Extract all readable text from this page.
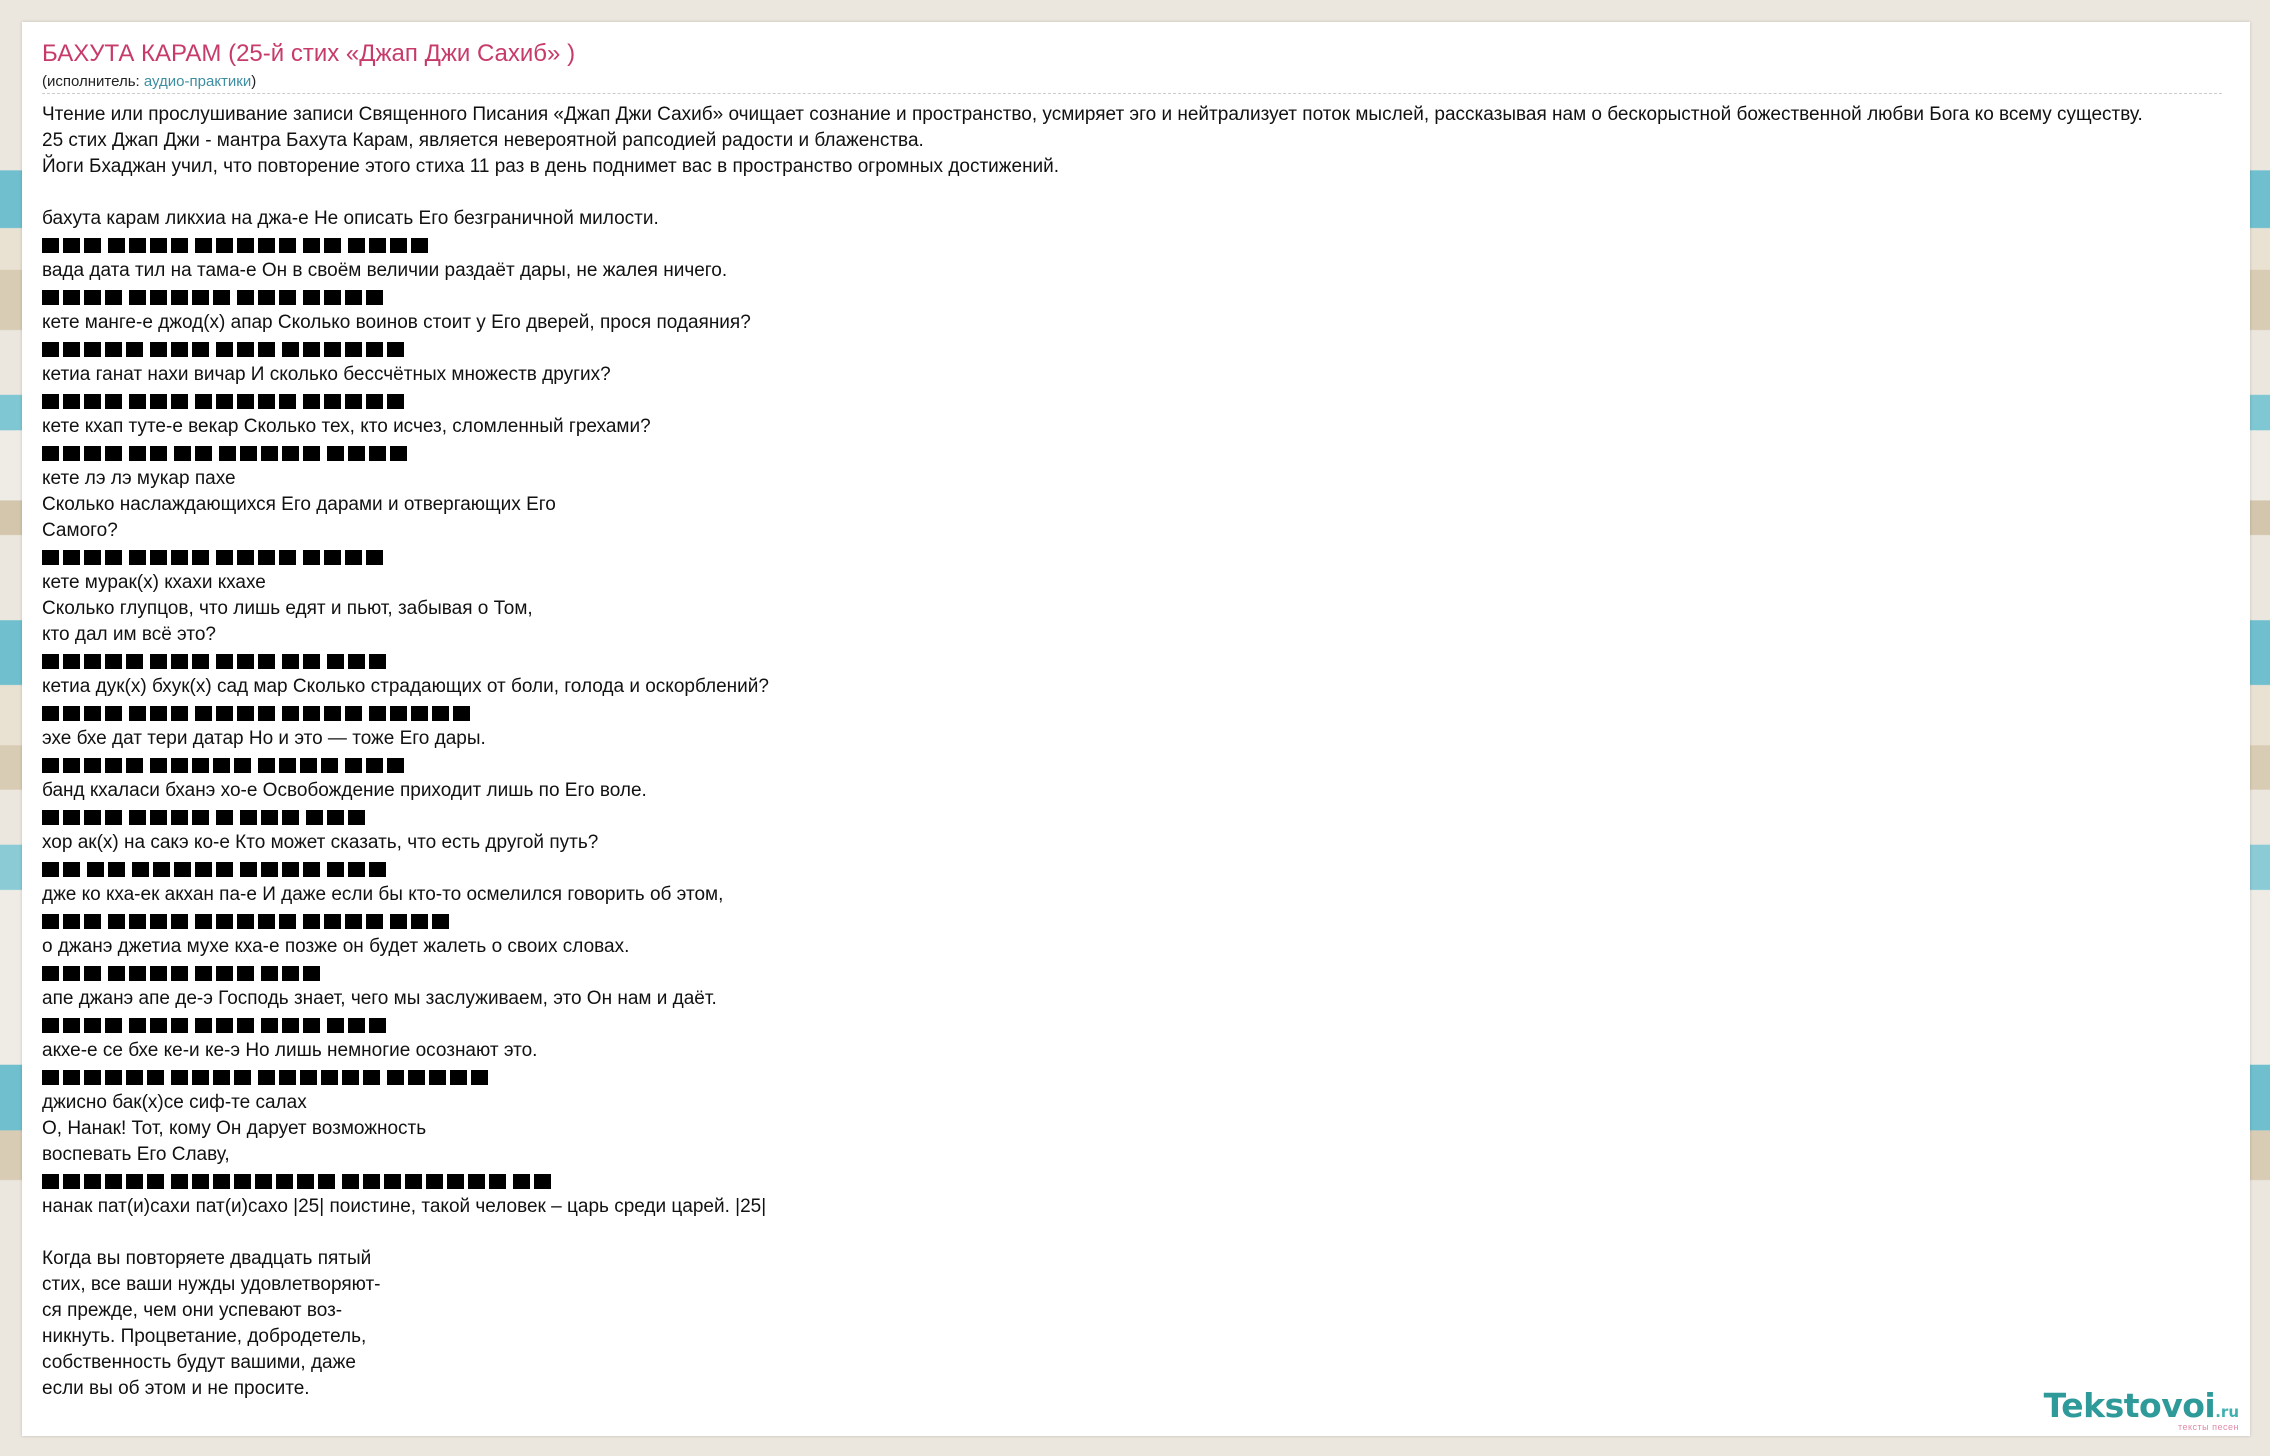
БАХУТА КАРАМ (25-й стих «Джап Джи Сахиб» )
(исполнитель: аудио-практики)
Чтение или прослушивание записи Священного Писания «Джап Джи Сахиб» очищает сознание и пространство, усмиряет эго и нейтрализует поток мыслей, рассказывая нам о бескорыстной божественной любви Бога ко всему существу.
25 стих Джап Джи - мантра Бахута Карам, является невероятной рапсодией радости и блаженства.
Йоги Бхаджан учил, что повторение этого стиха 11 раз в день поднимет вас в пространство огромных достижений.
бахута карам ликхиа на джа-е Не описать Его безграничной милости.
вада дата тил на тама-е Он в своём величии раздаёт дары, не жалея ничего.
кете манге-е джод(х) апар Сколько воинов стоит у Его дверей, прося подаяния?
кетиа ганат нахи вичар И сколько бессчётных множеств других?
кете кхап туте-е векар Сколько тех, кто исчез, сломленный грехами?
кете лэ лэ мукар пахе
Сколько наслаждающихся Его дарами и отвергающих Его
Самого?
кете мурак(х) кхахи кхахе
Сколько глупцов, что лишь едят и пьют, забывая о Том,
кто дал им всё это?
кетиа дук(х) бхук(х) сад мар Сколько страдающих от боли, голода и оскорблений?
эхе бхе дат тери датар Но и это — тоже Его дары.
банд кхаласи бханэ хо-е Освобождение приходит лишь по Его воле.
хор ак(х) на сакэ ко-е Кто может сказать, что есть другой путь?
дже ко кха-ек акхан па-е И даже если бы кто-то осмелился говорить об этом,
о джанэ джетиа мухе кха-е позже он будет жалеть о своих словах.
апе джанэ апе де-э Господь знает, чего мы заслуживаем, это Он нам и даёт.
акхе-е се бхе ке-и ке-э Но лишь немногие осознают это.
джисно бак(х)се сиф-те салах
О, Нанак! Тот, кому Он дарует возможность
воспевать Его Славу,
нанак пат(и)сахи пат(и)сахо |25| поистине, такой человек – царь среди царей. |25|
Когда вы повторяете двадцать пятый
стих, все ваши нужды удовлетворяют-
ся прежде, чем они успевают воз-
никнуть. Процветание, добродетель,
собственность будут вашими, даже
если вы об этом и не просите.	Tekstovoi.ru
тексты песен
